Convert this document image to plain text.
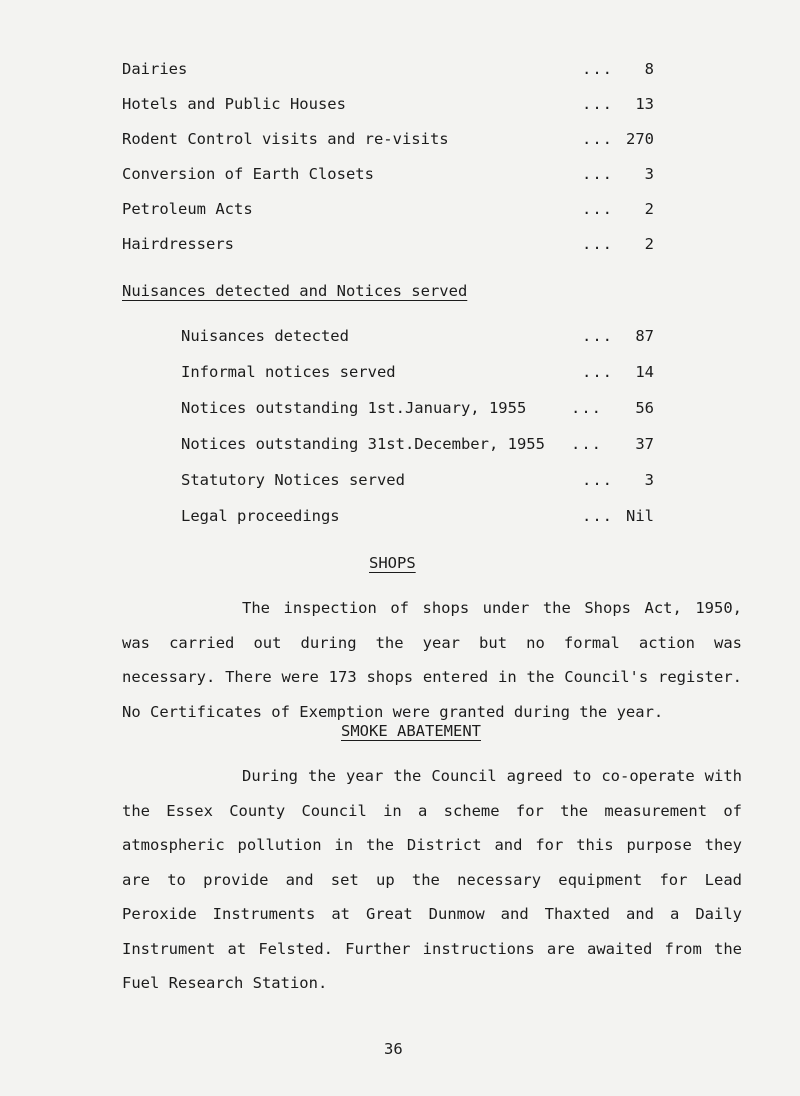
Dairies	...	8
Hotels and Public Houses	...	13
Rodent Control visits and re-visits	... 270
Conversion of Earth Closets	...	3
Petroleum Acts	...	2
Hairdressers	...	2
Nuisances detected and Notices served
Nuisances detected	...	87
Informal notices served	...	14
Notices outstanding 1st.January, 1955	...	56
Notices outstanding 31st.December, 1955 ...	37
Statutory Notices served	...	3
Legal proceedings	... Nil
SHOPS
The inspection of shops under the Shops Act, 1950, was carried out during the year but no formal action was necessary. There were 173 shops entered in the Council's register. No Certificates of Exemption were granted during the year.
SMOKE ABATEMENT
During the year the Council agreed to co-operate with the Essex County Council in a scheme for the measurement of atmospheric pollution in the District and for this purpose they are to provide and set up the necessary equipment for Lead Peroxide Instruments at Great Dunmow and Thaxted and a Daily Instrument at Felsted. Further instructions are awaited from the Fuel Research Station.
36
